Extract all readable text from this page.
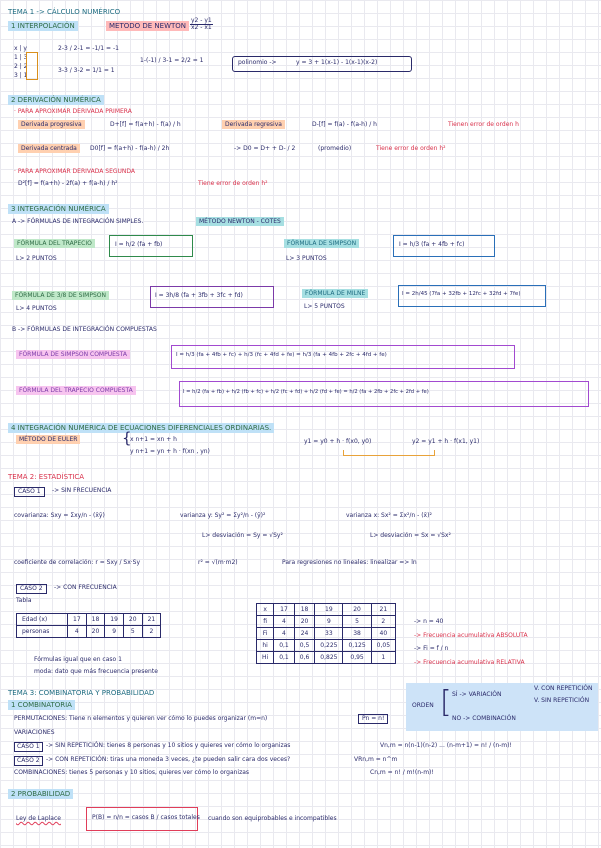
TEMA 1 -> CÁLCULO NUMÉRICO
1 INTERPOLACIÓN	METODO DE NEWTON $\frac{y2 - y1}{x2 - x1}$
x | y
1 | 3
2 | 2
3 | 1
2-3 / 2-1 = -1/1 = -1
3-3 / 3-2 = 1/1 = 1
1-(-1) / 3-1 = 2/2 = 1	polinomio ->	y = 3 + 1(x-1) - 1(x-1)(x-2)
2 DERIVACIÓN NUMÉRICA
· PARA APROXIMAR DERIVADA PRIMERA
Derivada progresiva	D+[f] = f(a+h) - f(a) / h	Derivada regresiva	D-[f] = f(a) - f(a-h) / h	Tienen error de orden h
Derivada centrada	D0[f] = f(a+h) - f(a-h) / 2h	-> D0 = D+ + D- / 2	(promedio)	Tiene error de orden h²
· PARA APROXIMAR DERIVADA SEGUNDA
D²[f] = f(a+h) - 2f(a) + f(a-h) / h²	Tiene error de orden h²
3 INTEGRACIÓN NUMÉRICA
A -> FÓRMULAS DE INTEGRACIÓN SIMPLES.	MÉTODO NEWTON - COTES
FÓRMULA DEL TRAPECIO	I = h/2 (fa + fb)
L> 2 PUNTOS
FÓRMULA DE SIMPSON	I = h/3 (fa + 4fb + fc)
L> 3 PUNTOS
FÓRMULA DE 3/8 DE SIMPSON	I = 3h/8 (fa + 3fb + 3fc + fd)
L> 4 PUNTOS
FÓRMULA DE MILNE	I = 2h/45 (7fa + 32fb + 12fc + 32fd + 7fe)
L> 5 PUNTOS
B -> FÓRMULAS DE INTEGRACIÓN COMPUESTAS
FÓRMULA DE SIMPSON COMPUESTA	I = h/3 (fa + 4fb + fc) + h/3 (fc + 4fd + fe) = h/3 (fa + 4fb + 2fc + 4fd + fe)
FÓRMULA DEL TRAPECIO COMPUESTA	I = h/2 (fa + fb) + h/2 (fb + fc) + h/2 (fc + fd) + h/2 (fd + fe) = h/2 (fa + 2fb + 2fc + 2fd + fe)
4 INTEGRACIÓN NUMÉRICA DE ECUACIONES DIFERENCIALES ORDINARIAS.
MÉTODO DE EULER	{
x n+1 = xn + h
y n+1 = yn + h · f(xn , yn)
y1 = y0 + h · f(x0, y0)	y2 = y1 + h · f(x1, y1)
TEMA 2: ESTADÍSTICA
CASO 1	-> SIN FRECUENCIA
covarianza: Sxy = Σxy/n - (x̄ȳ)	varianza y: Sy² = Σy²/n - (ȳ)²	varianza x: Sx² = Σx²/n - (x̄)²
L> desviación = Sy = √Sy²	L> desviación = Sx = √Sx²
coeficiente de correlación: r = Sxy / Sx·Sy	r² = √(m·m2)	Para regresiones no lineales: linealizar => ln
CASO 2	-> CON FRECUENCIA
Tabla
Edad (x)	17	18	19	20	21
personas	4	20	9	5	2
x	17	18	19	20	21
fi	4	20	9	5	2
Fi	4	24	33	38	40
hi	0,1	0,5	0,225	0,125	0,05
Hi	0,1	0,6	0,825	0,95	1
-> n = 40
-> Frecuencia acumulativa ABSOLUTA
-> Fi = f / n
-> Frecuencia acumulativa RELATIVA
Fórmulas igual que en caso 1
moda: dato que más frecuencia presente
TEMA 3: COMBINATORIA Y PROBABILIDAD
1 COMBINATORIA	ORDEN [ SÍ -> VARIACIÓN
NO -> COMBINACIÓN
V. CON REPETICIÓN
V. SIN REPETICIÓN
PERMUTACIONES: Tiene n elementos y quieren ver cómo lo puedes organizar (m=n)	Pn = n!
VARIACIONES
CASO 1	-> SIN REPETICIÓN: tienes 8 personas y 10 sitios y quieres ver cómo lo organizas	Vn,m = n(n-1)(n-2) ... (n-m+1) = n! / (n-m)!
CASO 2	-> CON REPETICIÓN: tiras una moneda 3 veces, ¿te pueden salir cara dos veces?	VRn,m = n^m
COMBINACIONES: tienes 5 personas y 10 sitios, quieres ver cómo lo organizas	Cn,m = n! / m!(n-m)!
2 PROBABILIDAD
Ley de Laplace	P(B) = n/n = casos B / casos totales cuando son equiprobables e incompatibles
